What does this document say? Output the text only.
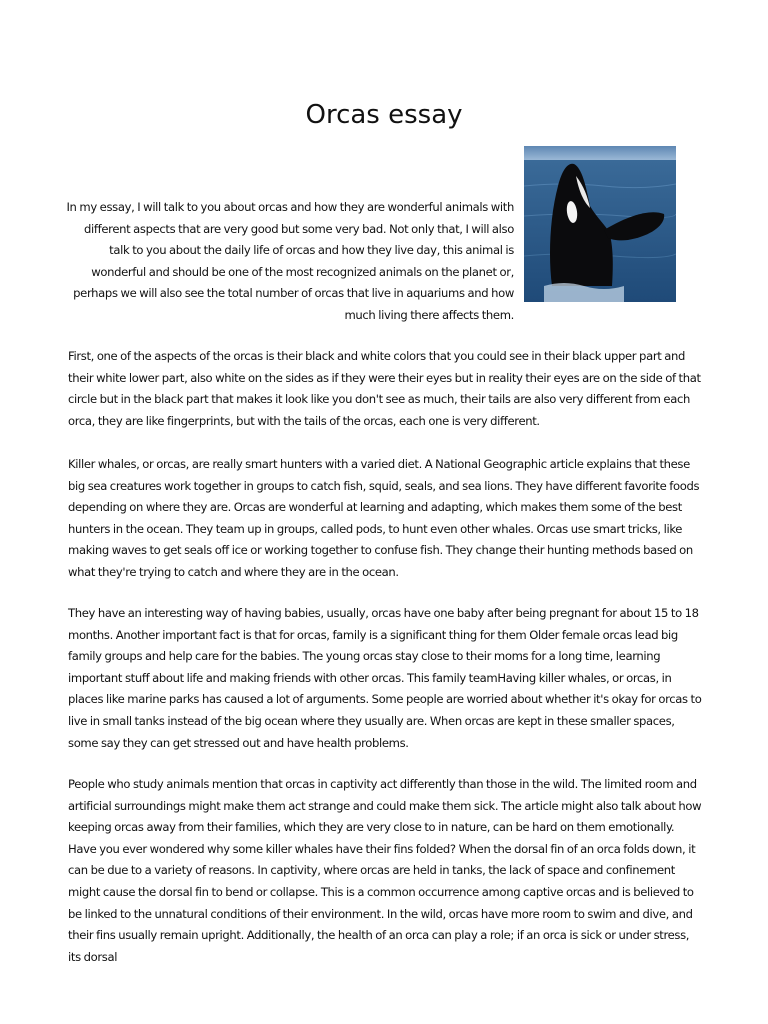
Orcas essay
In my essay, I will talk to you about orcas and how they are wonderful animals with different aspects that are very good but some very bad. Not only that, I will also talk to you about the daily life of orcas and how they live day, this animal is wonderful and should be one of the most recognized animals on the planet or, perhaps we will also see the total number of orcas that live in aquariums and how much living there affects them.

First, one of the aspects of the orcas is their black and white colors that you could see in their black upper part and their white lower part, also white on the sides as if they were their eyes but in reality their eyes are on the side of that circle but in the black part that makes it look like you don't see as much, their tails are also very different from each orca, they are like fingerprints, but with the tails of the orcas, each one is very different.

Killer whales, or orcas, are really smart hunters with a varied diet. A National Geographic article explains that these big sea creatures work together in groups to catch fish, squid, seals, and sea lions. They have different favorite foods depending on where they are. Orcas are wonderful at learning and adapting, which makes them some of the best hunters in the ocean. They team up in groups, called pods, to hunt even other whales. Orcas use smart tricks, like making waves to get seals off ice or working together to confuse fish. They change their hunting methods based on what they're trying to catch and where they are in the ocean.

They have an interesting way of having babies, usually, orcas have one baby after being pregnant for about 15 to 18 months. Another important fact is that for orcas, family is a significant thing for them Older female orcas lead big family groups and help care for the babies. The young orcas stay close to their moms for a long time, learning important stuff about life and making friends with other orcas. This family teamHaving killer whales, or orcas, in places like marine parks has caused a lot of arguments. Some people are worried about whether it's okay for orcas to live in small tanks instead of the big ocean where they usually are. When orcas are kept in these smaller spaces, some say they can get stressed out and have health problems.

People who study animals mention that orcas in captivity act differently than those in the wild. The limited room and artificial surroundings might make them act strange and could make them sick. The article might also talk about how keeping orcas away from their families, which they are very close to in nature, can be hard on them emotionally. Have you ever wondered why some killer whales have their fins folded? When the dorsal fin of an orca folds down, it can be due to a variety of reasons. In captivity, where orcas are held in tanks, the lack of space and confinement might cause the dorsal fin to bend or collapse. This is a common occurrence among captive orcas and is believed to be linked to the unnatural conditions of their environment. In the wild, orcas have more room to swim and dive, and their fins usually remain upright. Additionally, the health of an orca can play a role; if an orca is sick or under stress, its dorsal
